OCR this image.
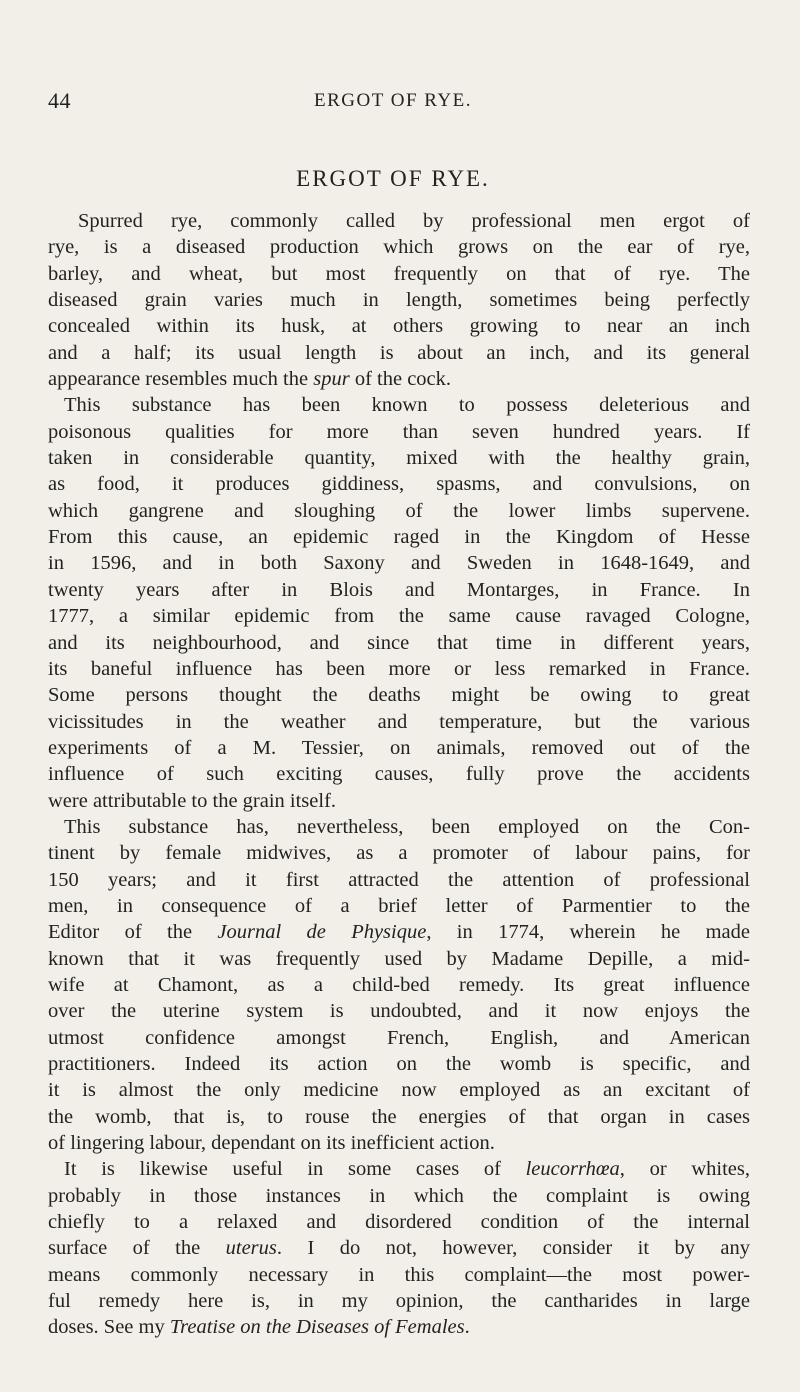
44	ERGOT OF RYE.
ERGOT OF RYE.
Spurred rye, commonly called by professional men ergot of
rye, is a diseased production which grows on the ear of rye,
barley, and wheat, but most frequently on that of rye. The
diseased grain varies much in length, sometimes being perfectly
concealed within its husk, at others growing to near an inch
and a half; its usual length is about an inch, and its general
appearance resembles much the spur of the cock.
This substance has been known to possess deleterious and
poisonous qualities for more than seven hundred years. If
taken in considerable quantity, mixed with the healthy grain,
as food, it produces giddiness, spasms, and convulsions, on
which gangrene and sloughing of the lower limbs supervene.
From this cause, an epidemic raged in the Kingdom of Hesse
in 1596, and in both Saxony and Sweden in 1648-1649, and
twenty years after in Blois and Montarges, in France. In
1777, a similar epidemic from the same cause ravaged Cologne,
and its neighbourhood, and since that time in different years,
its baneful influence has been more or less remarked in France.
Some persons thought the deaths might be owing to great
vicissitudes in the weather and temperature, but the various
experiments of a M. Tessier, on animals, removed out of the
influence of such exciting causes, fully prove the accidents
were attributable to the grain itself.
This substance has, nevertheless, been employed on the Con-
tinent by female midwives, as a promoter of labour pains, for
150 years; and it first attracted the attention of professional
men, in consequence of a brief letter of Parmentier to the
Editor of the Journal de Physique, in 1774, wherein he made
known that it was frequently used by Madame Depille, a mid-
wife at Chamont, as a child-bed remedy. Its great influence
over the uterine system is undoubted, and it now enjoys the
utmost confidence amongst French, English, and American
practitioners. Indeed its action on the womb is specific, and
it is almost the only medicine now employed as an excitant of
the womb, that is, to rouse the energies of that organ in cases
of lingering labour, dependant on its inefficient action.
It is likewise useful in some cases of leucorrhœa, or whites,
probably in those instances in which the complaint is owing
chiefly to a relaxed and disordered condition of the internal
surface of the uterus. I do not, however, consider it by any
means commonly necessary in this complaint—the most power-
ful remedy here is, in my opinion, the cantharides in large
doses. See my Treatise on the Diseases of Females.
